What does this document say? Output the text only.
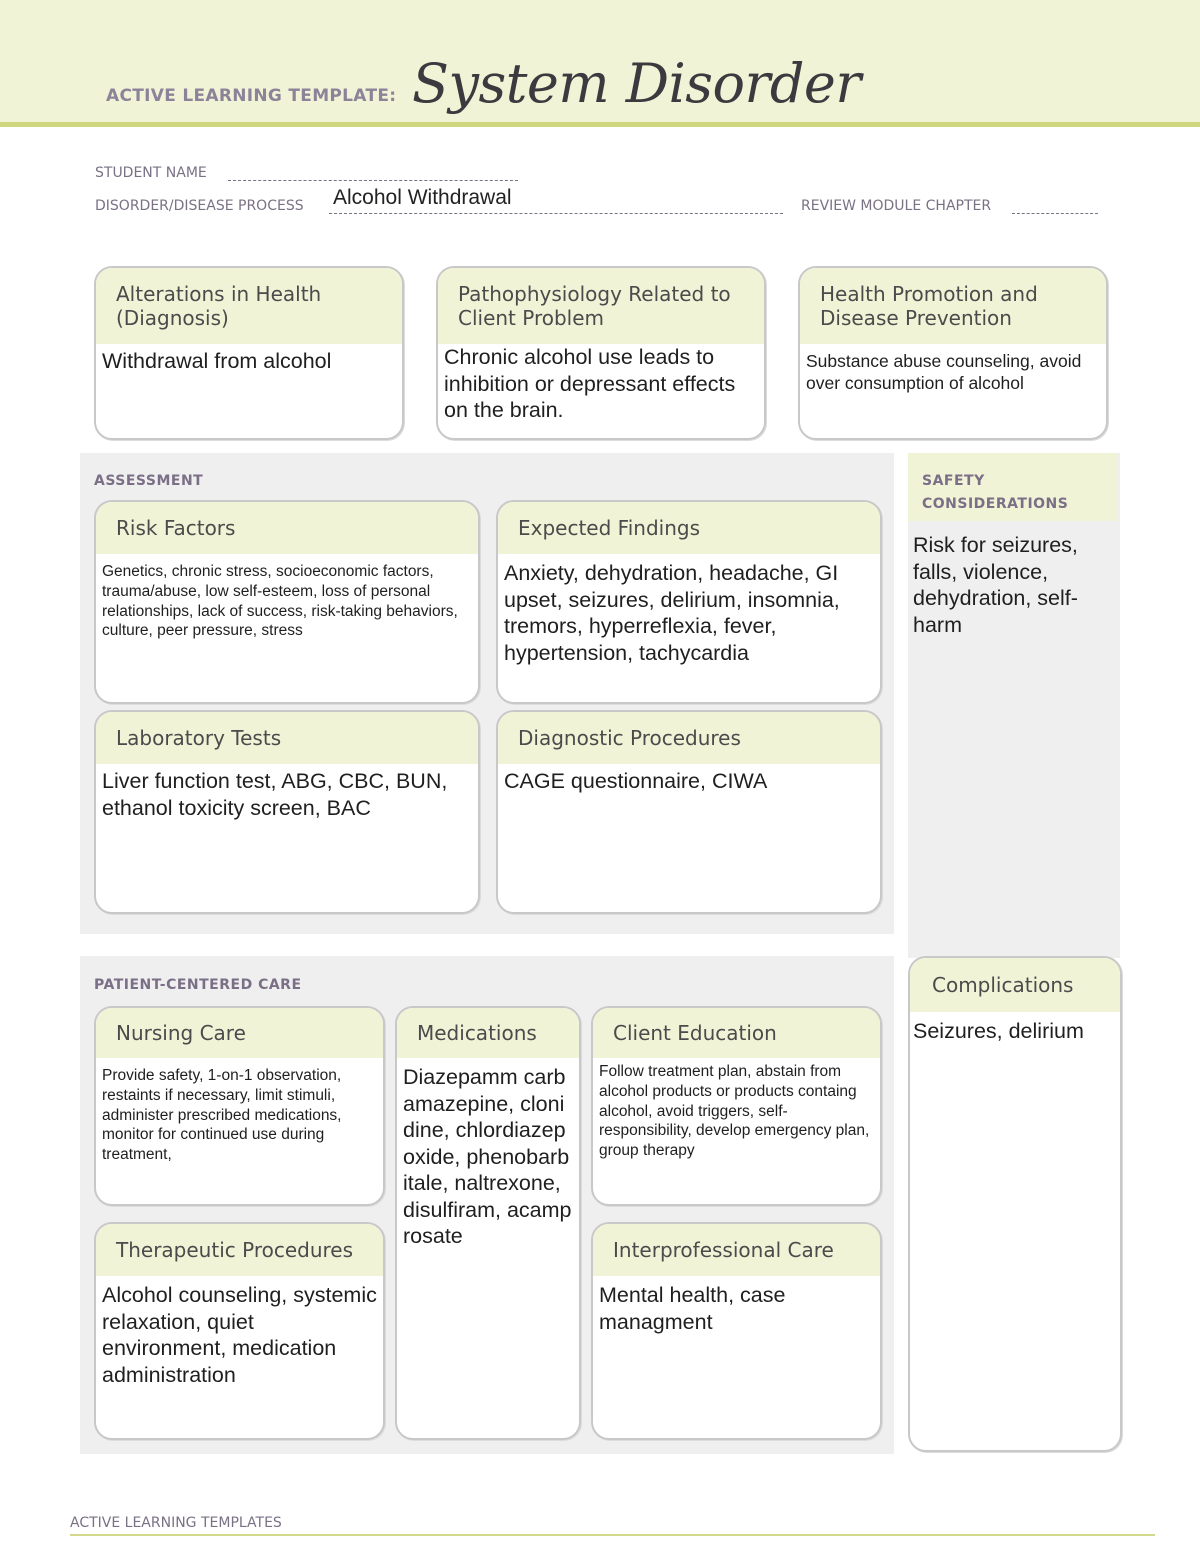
ACTIVE LEARNING TEMPLATE: System Disorder
STUDENT NAME
DISORDER/DISEASE PROCESS Alcohol Withdrawal	REVIEW MODULE CHAPTER
Alterations in Health (Diagnosis)
Withdrawal from alcohol
Pathophysiology Related to Client Problem
Chronic alcohol use leads to inhibition or depressant effects on the brain.
Health Promotion and Disease Prevention
Substance abuse counseling, avoid over consumption of alcohol
ASSESSMENT
Risk Factors
Genetics, chronic stress, socioeconomic factors, trauma/abuse, low self-esteem, loss of personal relationships, lack of success, risk-taking behaviors, culture, peer pressure, stress
Expected Findings
Anxiety, dehydration, headache, GI upset, seizures, delirium, insomnia, tremors, hyperreflexia, fever, hypertension, tachycardia
Laboratory Tests
Liver function test, ABG, CBC, BUN, ethanol toxicity screen, BAC
Diagnostic Procedures
CAGE questionnaire, CIWA
SAFETY CONSIDERATIONS
Risk for seizures, falls, violence, dehydration, self-harm
PATIENT-CENTERED CARE
Nursing Care
Provide safety, 1-on-1 observation, restaints if necessary, limit stimuli, administer prescribed medications, monitor for continued use during treatment,
Medications
Diazepamm carbamazepine, clonidine, chlordiazepoxide, phenobarbitale, naltrexone, disulfiram, acamprosate
Client Education
Follow treatment plan, abstain from alcohol products or products containg alcohol, avoid triggers, self-responsibility, develop emergency plan, group therapy
Therapeutic Procedures
Alcohol counseling, systemic relaxation, quiet environment, medication administration
Interprofessional Care
Mental health, case managment
Complications
Seizures, delirium
ACTIVE LEARNING TEMPLATES
